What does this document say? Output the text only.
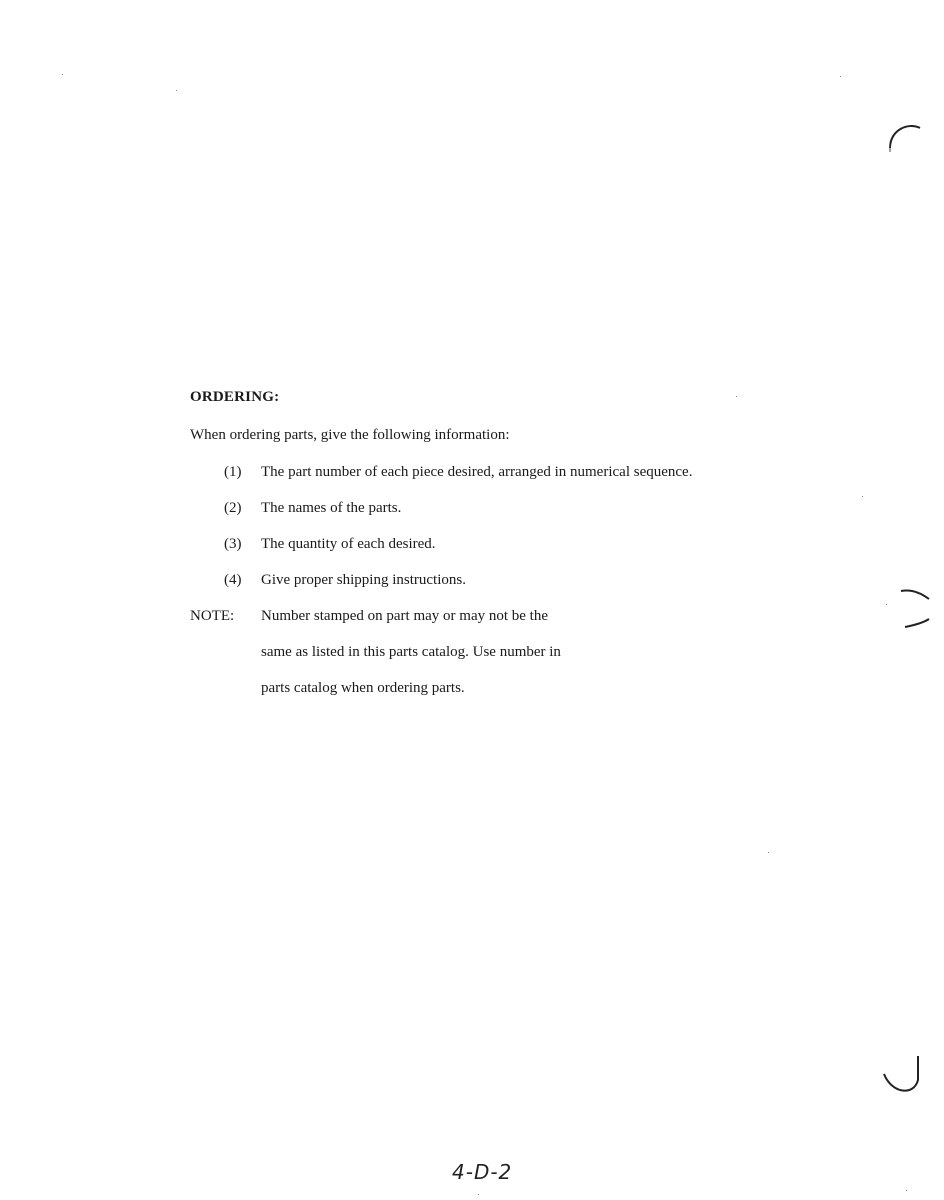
ORDERING:
When ordering parts, give the following information:
(1) The part number of each piece desired, arranged in numerical sequence.
(2) The names of the parts.
(3) The quantity of each desired.
(4) Give proper shipping instructions.
NOTE: Number stamped on part may or may not be the
same as listed in this parts catalog. Use number in
parts catalog when ordering parts.
4-D-2
